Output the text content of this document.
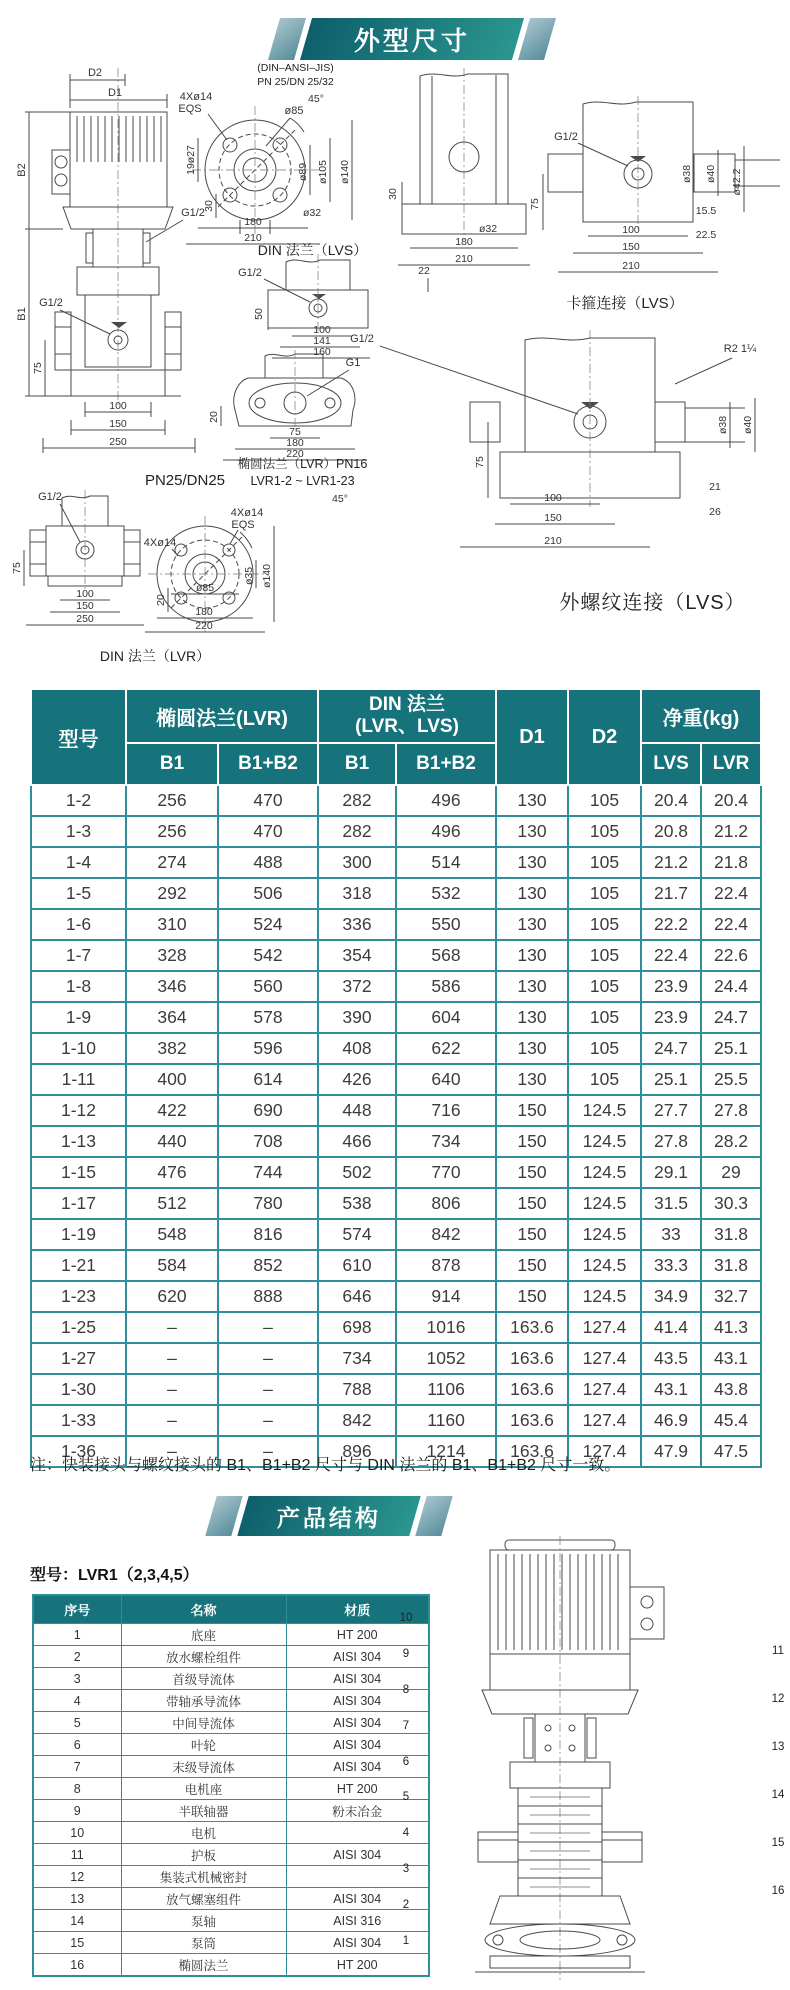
外型尺寸
D2
D1
B2
B1
75
G1/2
G1/2
100
150
250
PN25/DN25
(DIN–ANSI–JIS)
PN 25/DN 25/32
4Xø14
EQS
45°
ø85
19ø27
30
ø89 ø105 ø140
ø32
180
210
DIN 法兰（LVS）
G1/2	22
50
100
141
160
G1
20
75
180
220
椭圆法兰（LVR）PN16
LVR1-2 ~ LVR1-23
G1/2
75
100
150
250
DIN 法兰（LVR）
4Xø14
EQS
45°
4Xø14
20
ø85
ø35 ø140
180
220
30
ø32
180
210
G1/2
75
ø38 ø40 ø42.2
15.5
22.5
100
150
210
卡箍连接（LVS）
G1/2
R2 1¼
75
ø38 ø40
21
26
100
150
210
外螺纹连接（LVS）
型号	椭圆法兰(LVR)		DIN 法兰
(LVR、LVS)		D1	D2	净重(kg)	
	B1	B1+B2	B1	B1+B2			LVS	LVR
1-2	256	470	282	496	130	105	20.4	20.4
1-3	256	470	282	496	130	105	20.8	21.2
1-4	274	488	300	514	130	105	21.2	21.8
1-5	292	506	318	532	130	105	21.7	22.4
1-6	310	524	336	550	130	105	22.2	22.4
1-7	328	542	354	568	130	105	22.4	22.6
1-8	346	560	372	586	130	105	23.9	24.4
1-9	364	578	390	604	130	105	23.9	24.7
1-10	382	596	408	622	130	105	24.7	25.1
1-11	400	614	426	640	130	105	25.1	25.5
1-12	422	690	448	716	150	124.5	27.7	27.8
1-13	440	708	466	734	150	124.5	27.8	28.2
1-15	476	744	502	770	150	124.5	29.1	29
1-17	512	780	538	806	150	124.5	31.5	30.3
1-19	548	816	574	842	150	124.5	33	31.8
1-21	584	852	610	878	150	124.5	33.3	31.8
1-23	620	888	646	914	150	124.5	34.9	32.7
1-25	–	–	698	1016	163.6	127.4	41.4	41.3
1-27	–	–	734	1052	163.6	127.4	43.5	43.1
1-30	–	–	788	1106	163.6	127.4	43.1	43.8
1-33	–	–	842	1160	163.6	127.4	46.9	45.4
1-36	–	–	896	1214	163.6	127.4	47.9	47.5
注：快装接头与螺纹接头的 B1、B1+B2 尺寸与 DIN 法兰的 B1、B1+B2 尺寸一致。
产品结构
型号：LVR1（2,3,4,5）
序号	名称	材质
1	底座	HT 200
2	放水螺栓组件	AISI 304
3	首级导流体	AISI 304
4	带轴承导流体	AISI 304
5	中间导流体	AISI 304
6	叶轮	AISI 304
7	末级导流体	AISI 304
8	电机座	HT 200
9	半联轴器	粉末冶金
10	电机	
11	护板	AISI 304
12	集装式机械密封	
13	放气螺塞组件	AISI 304
14	泵轴	AISI 316
15	泵筒	AISI 304
16	椭圆法兰	HT 200
10
9
8
7
6
5
4
3
2
1
11
12
13
14
15
16
